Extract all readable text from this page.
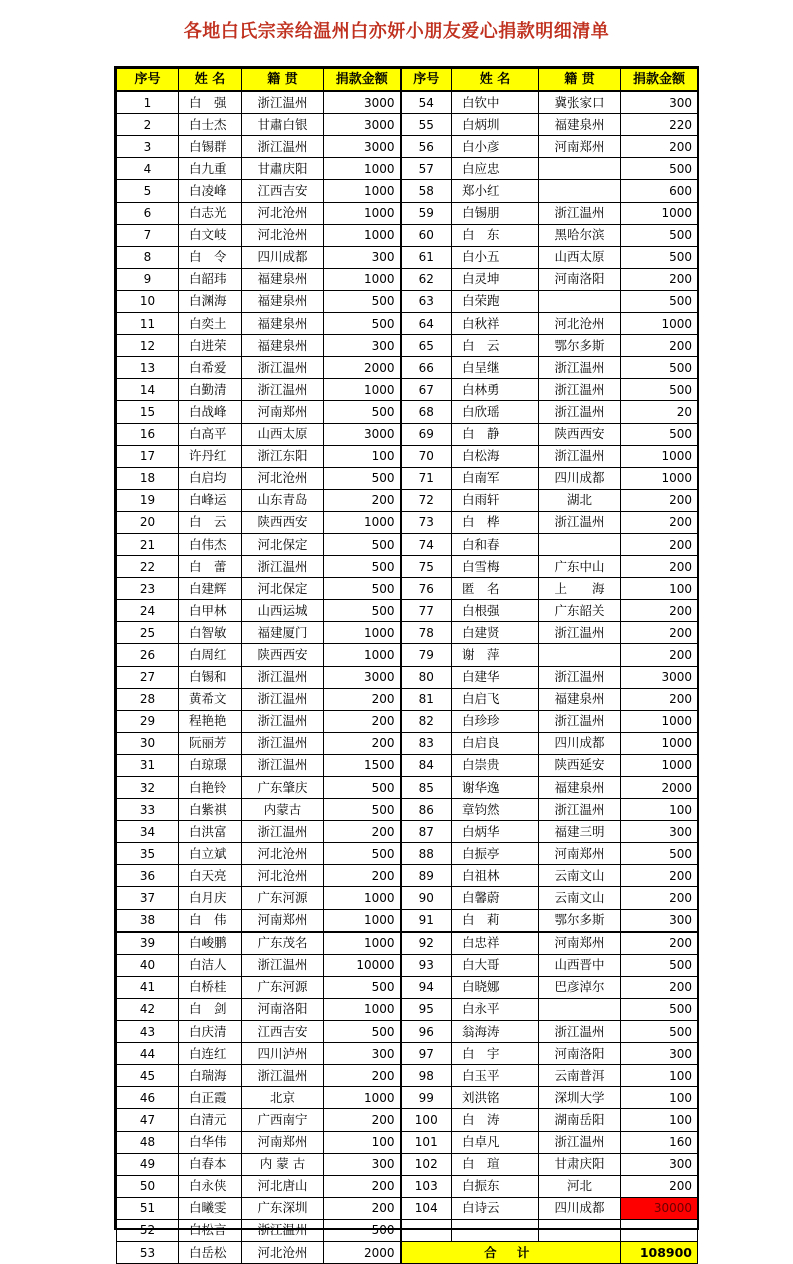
各地白氏宗亲给温州白亦妍小朋友爱心捐款明细清单
序号	姓 名	籍 贯	捐款金额	序号	姓 名	籍 贯	捐款金额
1	白　强	浙江温州	3000	54	白钦中	冀张家口	300
2	白士杰	甘肅白银	3000	55	白炳圳	福建泉州	220
3	白锡群	浙江温州	3000	56	白小彦	河南郑州	200
4	白九重	甘肅庆阳	1000	57	白应忠		500
5	白凌峰	江西吉安	1000	58	郑小红		600
6	白志光	河北沧州	1000	59	白锡朋	浙江温州	1000
7	白文岐	河北沧州	1000	60	白　东	黑哈尔滨	500
8	白　令	四川成都	300	61	白小五	山西太原	500
9	白韶玮	福建泉州	1000	62	白灵坤	河南洛阳	200
10	白渊海	福建泉州	500	63	白荣跑		500
11	白奕土	福建泉州	500	64	白秋祥	河北沧州	1000
12	白进荣	福建泉州	300	65	白　云	鄂尔多斯	200
13	白希爱	浙江温州	2000	66	白呈继	浙江温州	500
14	白勤清	浙江温州	1000	67	白林勇	浙江温州	500
15	白战峰	河南郑州	500	68	白欣瑶	浙江温州	20
16	白高平	山西太原	3000	69	白　静	陕西西安	500
17	许丹红	浙江东阳	100	70	白松海	浙江温州	1000
18	白启均	河北沧州	500	71	白南军	四川成都	1000
19	白峰运	山东青岛	200	72	白雨轩	湖北	200
20	白　云	陕西西安	1000	73	白　桦	浙江温州	200
21	白伟杰	河北保定	500	74	白和春		200
22	白　蕾	浙江温州	500	75	白雪梅	广东中山	200
23	白建辉	河北保定	500	76	匿　名	上　　海	100
24	白甲林	山西运城	500	77	白根强	广东韶关	200
25	白智敏	福建厦门	1000	78	白建贤	浙江温州	200
26	白周红	陕西西安	1000	79	谢　萍		200
27	白锡和	浙江温州	3000	80	白建华	浙江温州	3000
28	黄希文	浙江温州	200	81	白启飞	福建泉州	200
29	程艳艳	浙江温州	200	82	白珍珍	浙江温州	1000
30	阮丽芳	浙江温州	200	83	白启良	四川成都	1000
31	白琼璟	浙江温州	1500	84	白崇贵	陕西延安	1000
32	白艳铃	广东肇庆	500	85	谢华逸	福建泉州	2000
33	白紫祺	内蒙古	500	86	章钧然	浙江温州	100
34	白洪富	浙江温州	200	87	白炳华	福建三明	300
35	白立斌	河北沧州	500	88	白振亭	河南郑州	500
36	白天亮	河北沧州	200	89	白祖林	云南文山	200
37	白月庆	广东河源	1000	90	白馨蔚	云南文山	200
38	白　伟	河南郑州	1000	91	白　莉	鄂尔多斯	300
39	白峻鹏	广东茂名	1000	92	白忠祥	河南郑州	200
40	白洁人	浙江温州	10000	93	白大哥	山西晋中	500
41	白桥桂	广东河源	500	94	白晓娜	巴彦淖尔	200
42	白　剑	河南洛阳	1000	95	白永平		500
43	白庆清	江西吉安	500	96	翁海涛	浙江温州	500
44	白连红	四川泸州	300	97	白　宇	河南洛阳	300
45	白瑞海	浙江温州	200	98	白玉平	云南普洱	100
46	白正霞	北京	1000	99	刘洪铭	深圳大学	100
47	白清元	广西南宁	200	100	白　涛	湖南岳阳	100
48	白华伟	河南郑州	100	101	白卓凡	浙江温州	160
49	白春本	内 蒙 古	300	102	白　瑄	甘肃庆阳	300
50	白永侠	河北唐山	200	103	白振东	河北	200
51	白曦雯	广东深圳	200	104	白诗云	四川成都	30000
52	白松言	浙江温州	500				
53	白岳松	河北沧州	2000	合 计			108900
